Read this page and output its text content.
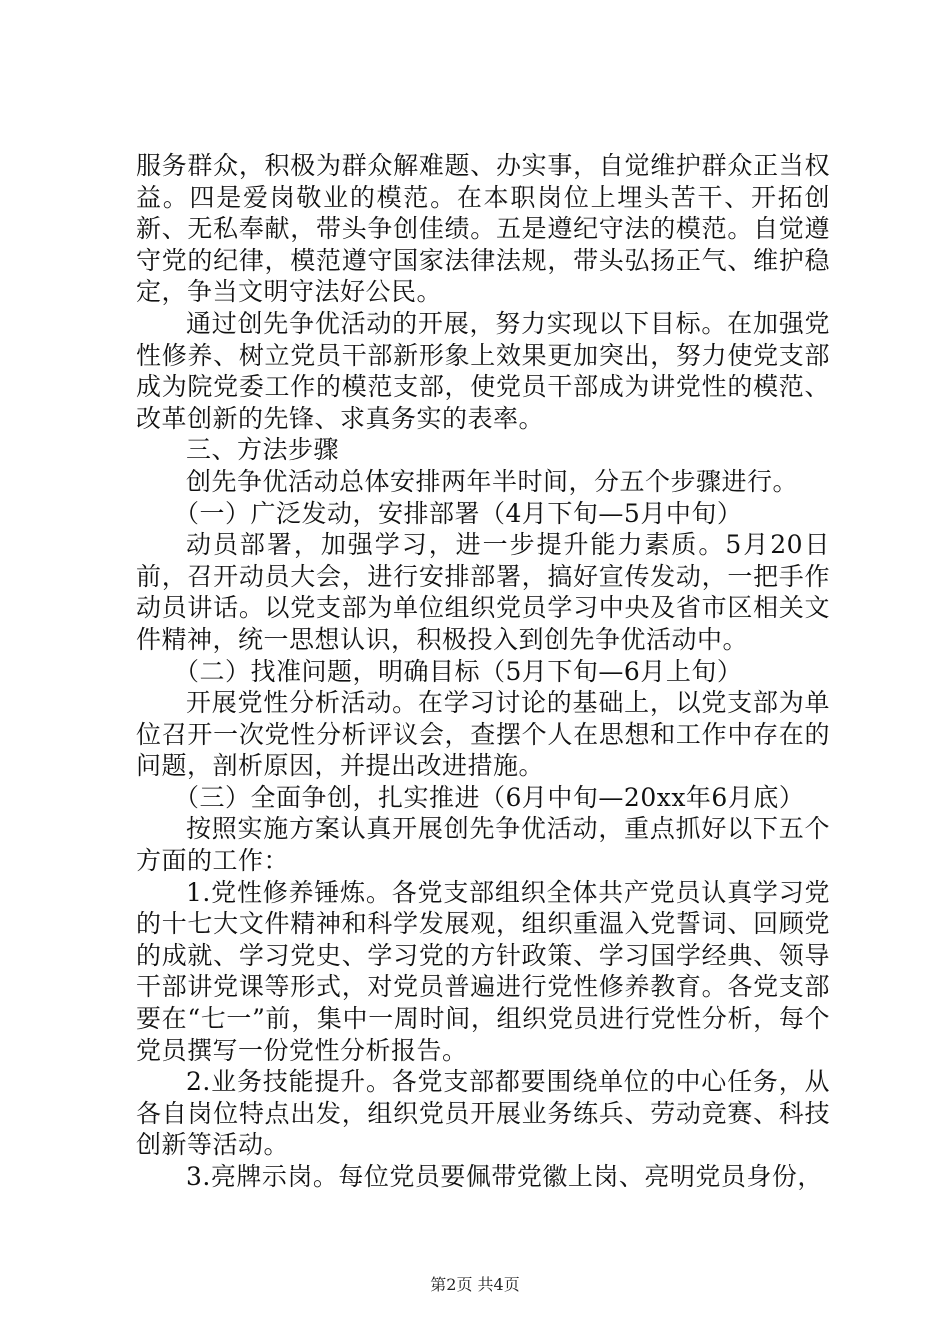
服务群众，积极为群众解难题、办实事，自觉维护群众正当权益。四是爱岗敬业的模范。在本职岗位上埋头苦干、开拓创新、无私奉献，带头争创佳绩。五是遵纪守法的模范。自觉遵守党的纪律，模范遵守国家法律法规，带头弘扬正气、维护稳定，争当文明守法好公民。

通过创先争优活动的开展，努力实现以下目标。在加强党性修养、树立党员干部新形象上效果更加突出，努力使党支部成为院党委工作的模范支部，使党员干部成为讲党性的模范、改革创新的先锋、求真务实的表率。

三、方法步骤

创先争优活动总体安排两年半时间，分五个步骤进行。

（一）广泛发动，安排部署（4月下旬—5月中旬）

动员部署，加强学习，进一步提升能力素质。5月20日前，召开动员大会，进行安排部署，搞好宣传发动，一把手作动员讲话。以党支部为单位组织党员学习中央及省市区相关文件精神，统一思想认识，积极投入到创先争优活动中。

（二）找准问题，明确目标（5月下旬—6月上旬）

开展党性分析活动。在学习讨论的基础上，以党支部为单位召开一次党性分析评议会，查摆个人在思想和工作中存在的问题，剖析原因，并提出改进措施。

（三）全面争创，扎实推进（6月中旬—20xx年6月底）

按照实施方案认真开展创先争优活动，重点抓好以下五个方面的工作：

1.党性修养锤炼。各党支部组织全体共产党员认真学习党的十七大文件精神和科学发展观，组织重温入党誓词、回顾党的成就、学习党史、学习党的方针政策、学习国学经典、领导干部讲党课等形式，对党员普遍进行党性修养教育。各党支部要在“七一”前，集中一周时间，组织党员进行党性分析，每个党员撰写一份党性分析报告。

2.业务技能提升。各党支部都要围绕单位的中心任务，从各自岗位特点出发，组织党员开展业务练兵、劳动竞赛、科技创新等活动。

3.亮牌示岗。每位党员要佩带党徽上岗、亮明党员身份，

第2页 共4页
